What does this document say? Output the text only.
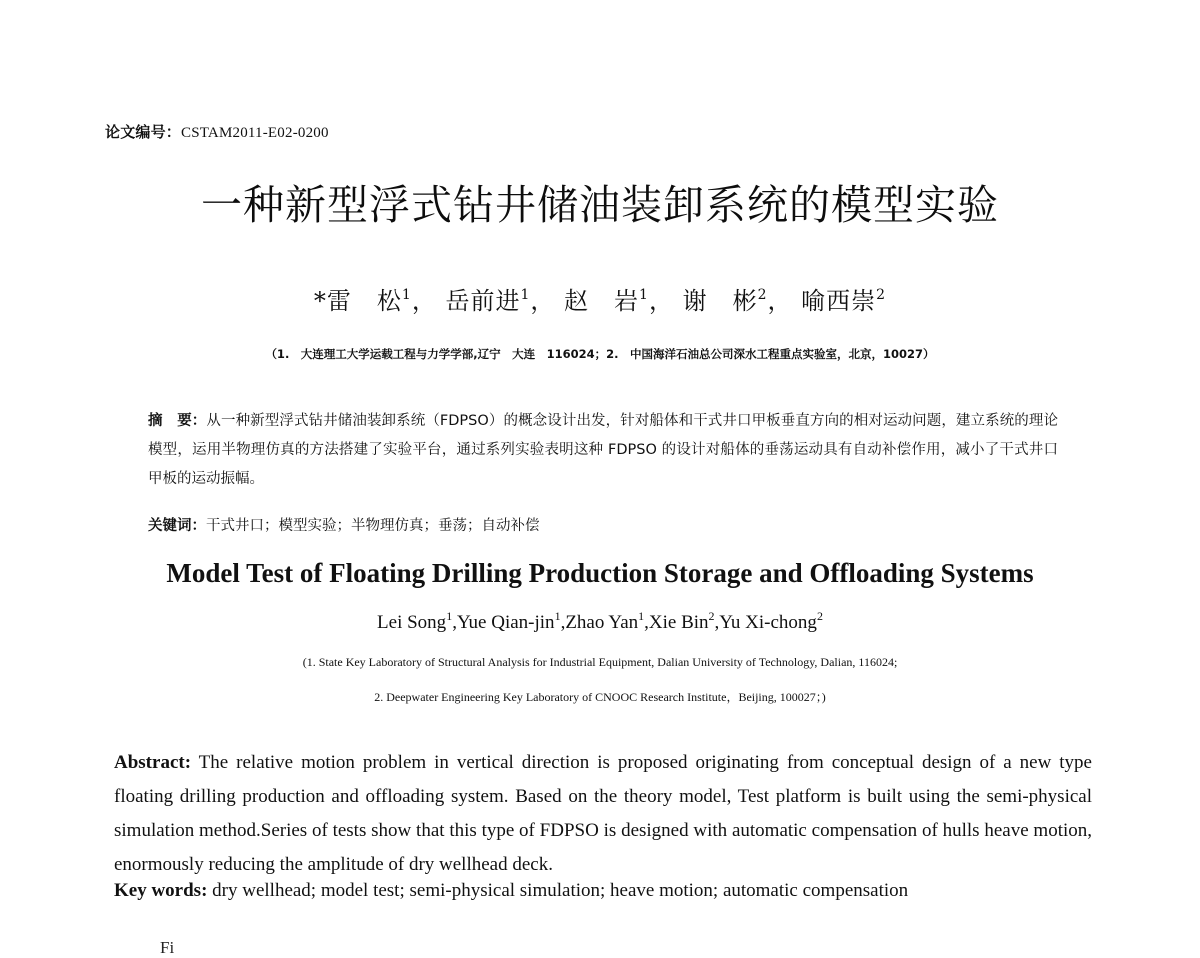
论文编号：CSTAM2011-E02-0200
一种新型浮式钻井储油装卸系统的模型实验
*雷　松$^1$， 岳前进$^1$， 赵　岩$^1$， 谢　彬$^2$， 喻西崇$^2$
（1.　大连理工大学运载工程与力学学部,辽宁　大连　116024；2.　中国海洋石油总公司深水工程重点实验室，北京，10027）
摘　要：从一种新型浮式钻井储油装卸系统（FDPSO）的概念设计出发，针对船体和干式井口甲板垂直方向的相对运动问题，建立系统的理论模型，运用半物理仿真的方法搭建了实验平台，通过系列实验表明这种 FDPSO 的设计对船体的垂荡运动具有自动补偿作用，减小了干式井口甲板的运动振幅。
关键词：干式井口；模型实验；半物理仿真；垂荡；自动补偿
Model Test of Floating Drilling Production Storage and Offloading Systems
Lei Song$^1$,Yue Qian-jin$^1$,Zhao Yan$^1$,Xie Bin$^2$,Yu Xi-chong$^2$
(1. State Key Laboratory of Structural Analysis for Industrial Equipment, Dalian University of Technology, Dalian, 116024;
2. Deepwater Engineering Key Laboratory of CNOOC Research Institute，Beijing, 100027；)
Abstract: The relative motion problem in vertical direction is proposed originating from conceptual design of a new type floating drilling production and offloading system. Based on the theory model, Test platform is built using the semi-physical simulation method.Series of tests show that this type of FDPSO is designed with automatic compensation of hulls heave motion, enormously reducing the amplitude of dry wellhead deck.
Key words: dry wellhead; model test; semi-physical simulation; heave motion; automatic compensation
Fi
